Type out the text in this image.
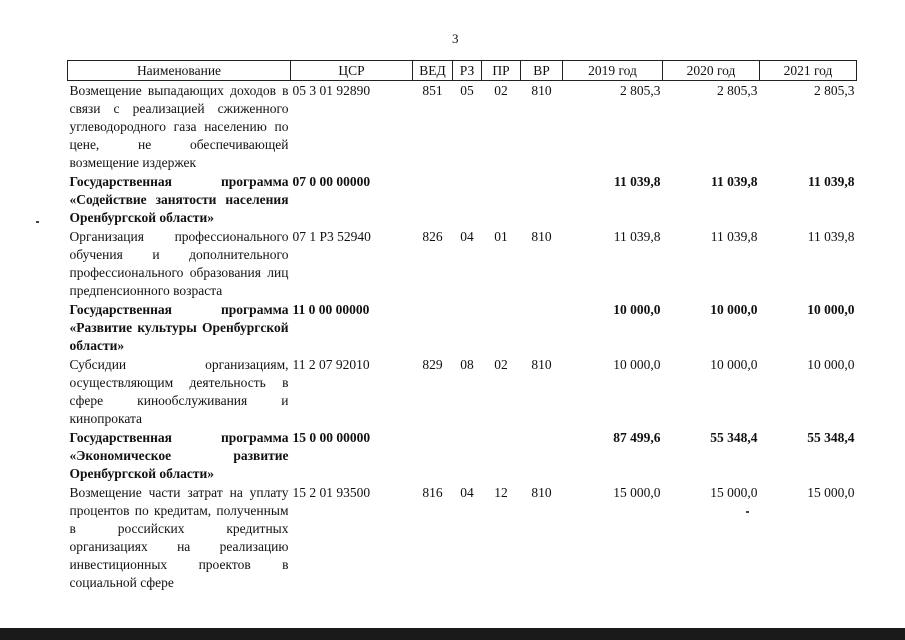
3
Наименование	ЦСР	ВЕД	РЗ	ПР	ВР	2019 год	2020 год	2021 год
Возмещение выпадающих доходов в связи с реализацией сжиженного углеводородного газа населению по цене, не обеспечивающей возмещение издержек	05 3 01 92890	851	05	02	810	2 805,3	2 805,3	2 805,3
Государственная программа «Содействие занятости населения Оренбургской области»	07 0 00 00000					11 039,8	11 039,8	11 039,8
Организация профессионального обучения и дополнительного профессионального образования лиц предпенсионного возраста	07 1 P3 52940	826	04	01	810	11 039,8	11 039,8	11 039,8
Государственная программа «Развитие культуры Оренбургской области»	11 0 00 00000					10 000,0	10 000,0	10 000,0
Субсидии организациям, осуществляющим деятельность в сфере кинообслуживания и кинопроката	11 2 07 92010	829	08	02	810	10 000,0	10 000,0	10 000,0
Государственная программа «Экономическое развитие Оренбургской области»	15 0 00 00000					87 499,6	55 348,4	55 348,4
Возмещение части затрат на уплату процентов по кредитам, полученным в российских кредитных организациях на реализацию инвестиционных проектов в социальной сфере	15 2 01 93500	816	04	12	810	15 000,0	15 000,0	15 000,0
